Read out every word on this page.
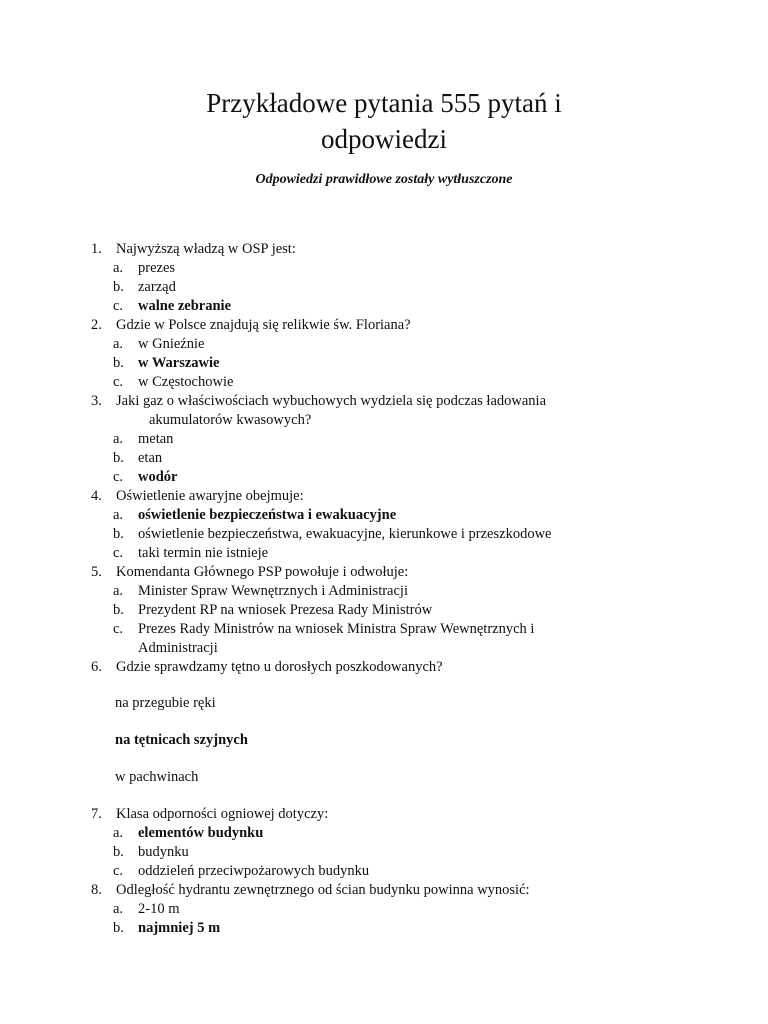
Przykładowe pytania 555 pytań i
odpowiedzi

Odpowiedzi prawidłowe zostały wytłuszczone

1. Najwyższą władzą w OSP jest:
a.	prezes
b. zarząd
c.	walne zebranie
2. Gdzie w Polsce znajdują się relikwie św. Floriana?
a.	w Gnieźnie
b. w Warszawie
c.	w Częstochowie
3. Jaki gaz o właściwościach wybuchowych wydziela się podczas ładowania
akumulatorów kwasowych?
a.	metan
b. etan
c.	wodór
4. Oświetlenie awaryjne obejmuje:
a.	oświetlenie bezpieczeństwa i ewakuacyjne
b. oświetlenie bezpieczeństwa, ewakuacyjne, kierunkowe i przeszkodowe
c.	taki termin nie istnieje
5. Komendanta Głównego PSP powołuje i odwołuje:
a.	Minister Spraw Wewnętrznych i Administracji
b. Prezydent RP na wniosek Prezesa Rady Ministrów
c.	Prezes Rady Ministrów na wniosek Ministra Spraw Wewnętrznych i
Administracji
6. Gdzie sprawdzamy tętno u dorosłych poszkodowanych?
na przegubie ręki
na tętnicach szyjnych
w pachwinach
7. Klasa odporności ogniowej dotyczy:
a.	elementów budynku
b. budynku
c.	oddzieleń przeciwpożarowych budynku
8. Odległość hydrantu zewnętrznego od ścian budynku powinna wynosić:
a.	2-10 m
b. najmniej 5 m
